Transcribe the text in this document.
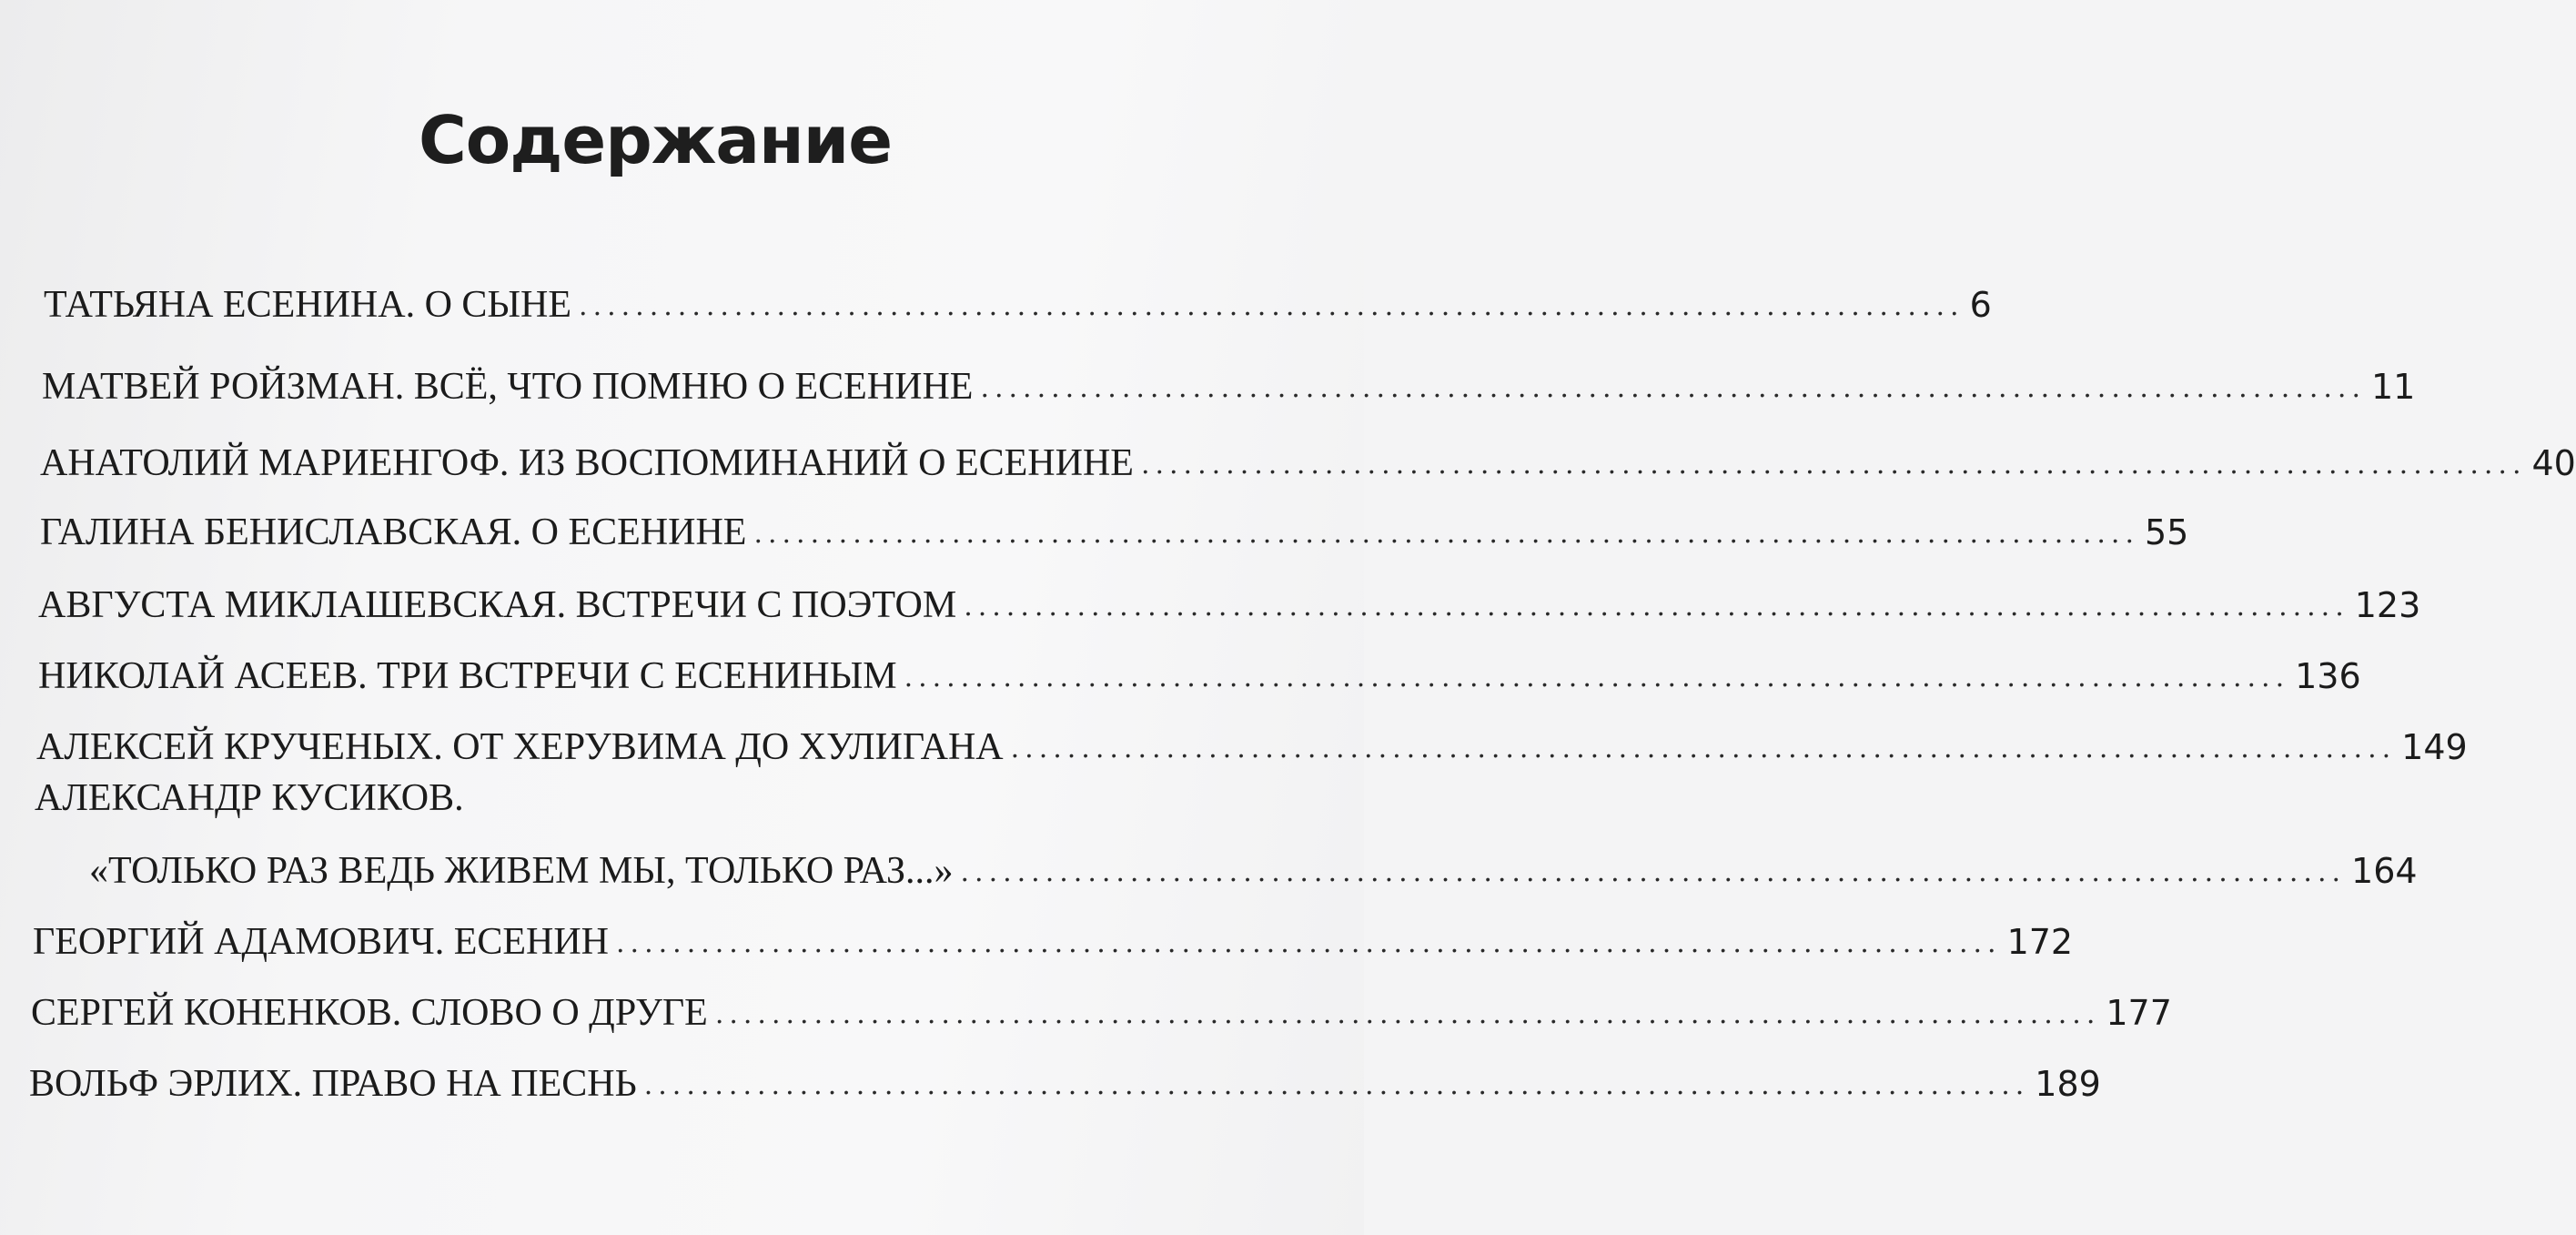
Содержание
ТАТЬЯНА ЕСЕНИНА. О СЫНЕ .................................................................................................. 6
МАТВЕЙ РОЙЗМАН. ВСЁ, ЧТО ПОМНЮ О ЕСЕНИНЕ .................................................................................................. 11
АНАТОЛИЙ МАРИЕНГОФ. ИЗ ВОСПОМИНАНИЙ О ЕСЕНИНЕ .................................................................................................. 40
ГАЛИНА БЕНИСЛАВСКАЯ. О ЕСЕНИНЕ .................................................................................................. 55
АВГУСТА МИКЛАШЕВСКАЯ. ВСТРЕЧИ С ПОЭТОМ .................................................................................................. 123
НИКОЛАЙ АСЕЕВ. ТРИ ВСТРЕЧИ С ЕСЕНИНЫМ .................................................................................................. 136
АЛЕКСЕЙ КРУЧЕНЫХ. ОТ ХЕРУВИМА ДО ХУЛИГАНА .................................................................................................. 149
АЛЕКСАНДР КУСИКОВ.
«ТОЛЬКО РАЗ ВЕДЬ ЖИВЕМ МЫ, ТОЛЬКО РАЗ...» .................................................................................................. 164
ГЕОРГИЙ АДАМОВИЧ. ЕСЕНИН .................................................................................................. 172
СЕРГЕЙ КОНЕНКОВ. СЛОВО О ДРУГЕ .................................................................................................. 177
ВОЛЬФ ЭРЛИХ. ПРАВО НА ПЕСНЬ .................................................................................................. 189
